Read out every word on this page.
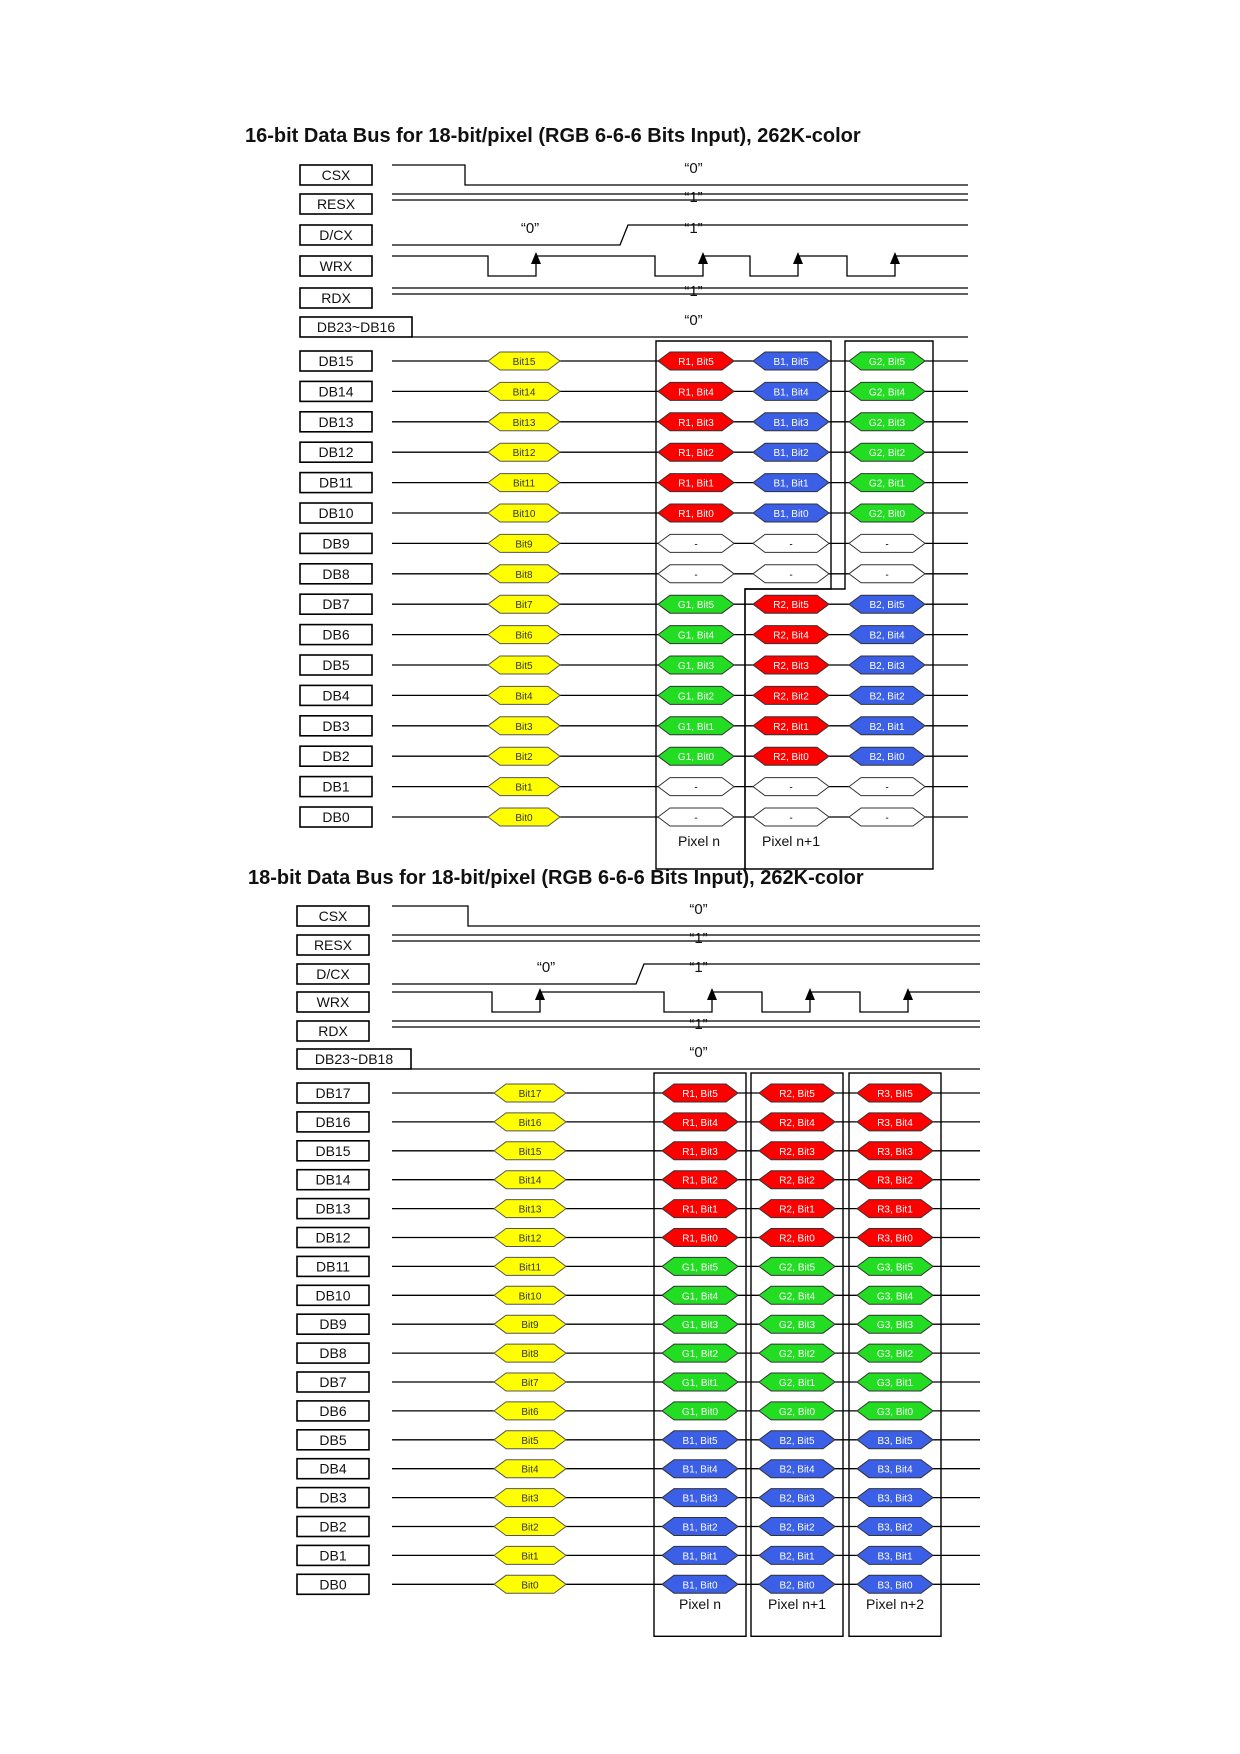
16-bit Data Bus for 18-bit/pixel (RGB 6-6-6 Bits Input), 262K-color
CSX	“0”
RESX	“1”
D/CX	“0”	“1”
WRX
RDX	“1”
DB23~DB16	“0”
DB15	Bit15	R1, Bit5	B1, Bit5	G2, Bit5
DB14	Bit14	R1, Bit4	B1, Bit4	G2, Bit4
DB13	Bit13	R1, Bit3	B1, Bit3	G2, Bit3
DB12	Bit12	R1, Bit2	B1, Bit2	G2, Bit2
DB11	Bit11	R1, Bit1	B1, Bit1	G2, Bit1
DB10	Bit10	R1, Bit0	B1, Bit0	G2, Bit0
DB9	Bit9	-	-	-
DB8	Bit8	-	-	-
DB7	Bit7	G1, Bit5	R2, Bit5	B2, Bit5
DB6	Bit6	G1, Bit4	R2, Bit4	B2, Bit4
DB5	Bit5	G1, Bit3	R2, Bit3	B2, Bit3
DB4	Bit4	G1, Bit2	R2, Bit2	B2, Bit2
DB3	Bit3	G1, Bit1	R2, Bit1	B2, Bit1
DB2	Bit2	G1, Bit0	R2, Bit0	B2, Bit0
DB1	Bit1	-	-	-
DB0	Bit0	-	-	-
Pixel n	Pixel n+1
18-bit Data Bus for 18-bit/pixel (RGB 6-6-6 Bits Input), 262K-color
CSX	“0”
RESX	“1”
D/CX	“0”	“1”
WRX
RDX	“1”
DB23~DB18	“0”
DB17	Bit17	R1, Bit5	R2, Bit5	R3, Bit5
DB16	Bit16	R1, Bit4	R2, Bit4	R3, Bit4
DB15	Bit15	R1, Bit3	R2, Bit3	R3, Bit3
DB14	Bit14	R1, Bit2	R2, Bit2	R3, Bit2
DB13	Bit13	R1, Bit1	R2, Bit1	R3, Bit1
DB12	Bit12	R1, Bit0	R2, Bit0	R3, Bit0
DB11	Bit11	G1, Bit5	G2, Bit5	G3, Bit5
DB10	Bit10	G1, Bit4	G2, Bit4	G3, Bit4
DB9	Bit9	G1, Bit3	G2, Bit3	G3, Bit3
DB8	Bit8	G1, Bit2	G2, Bit2	G3, Bit2
DB7	Bit7	G1, Bit1	G2, Bit1	G3, Bit1
DB6	Bit6	G1, Bit0	G2, Bit0	G3, Bit0
DB5	Bit5	B1, Bit5	B2, Bit5	B3, Bit5
DB4	Bit4	B1, Bit4	B2, Bit4	B3, Bit4
DB3	Bit3	B1, Bit3	B2, Bit3	B3, Bit3
DB2	Bit2	B1, Bit2	B2, Bit2	B3, Bit2
DB1	Bit1	B1, Bit1	B2, Bit1	B3, Bit1
DB0	Bit0	B1, Bit0	B2, Bit0	B3, Bit0
Pixel n	Pixel n+1	Pixel n+2
